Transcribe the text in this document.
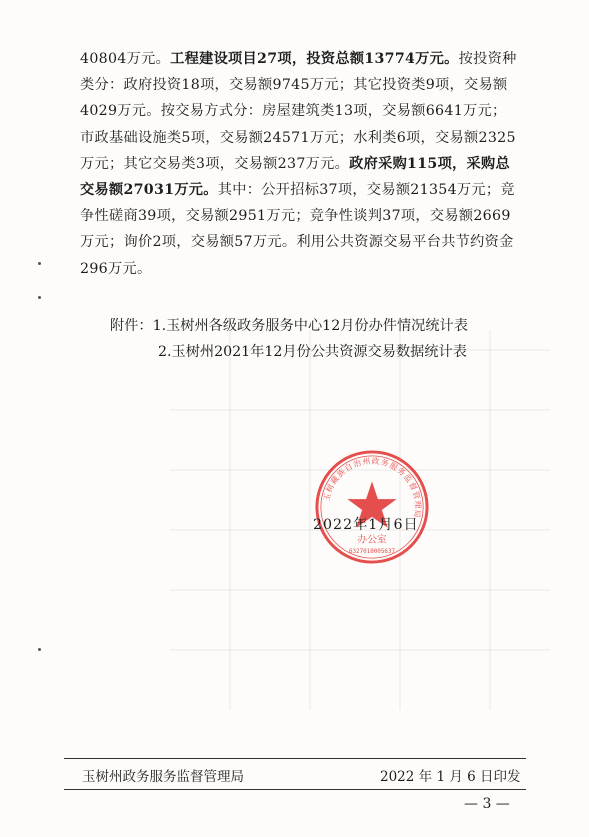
40804万元。工程建设项目27项，投资总额13774万元。按投资种类分：政府投资18项，交易额9745万元；其它投资类9项，交易额4029万元。按交易方式分：房屋建筑类13项，交易额6641万元；市政基础设施类5项，交易额24571万元；水利类6项，交易额2325万元；其它交易类3项，交易额237万元。政府采购115项，采购总交易额27031万元。其中：公开招标37项，交易额21354万元；竞争性磋商39项，交易额2951万元；竞争性谈判37项，交易额2669万元；询价2项，交易额57万元。利用公共资源交易平台共节约资金296万元。

附件：1.玉树州各级政务服务中心12月份办件情况统计表
2.玉树州2021年12月份公共资源交易数据统计表
玉树藏族自治州政务服务监督管理局
办公室
6327010005637
2022年1月6日
玉树州政务服务监督管理局	2022 年 1 月 6 日印发
— 3 —
